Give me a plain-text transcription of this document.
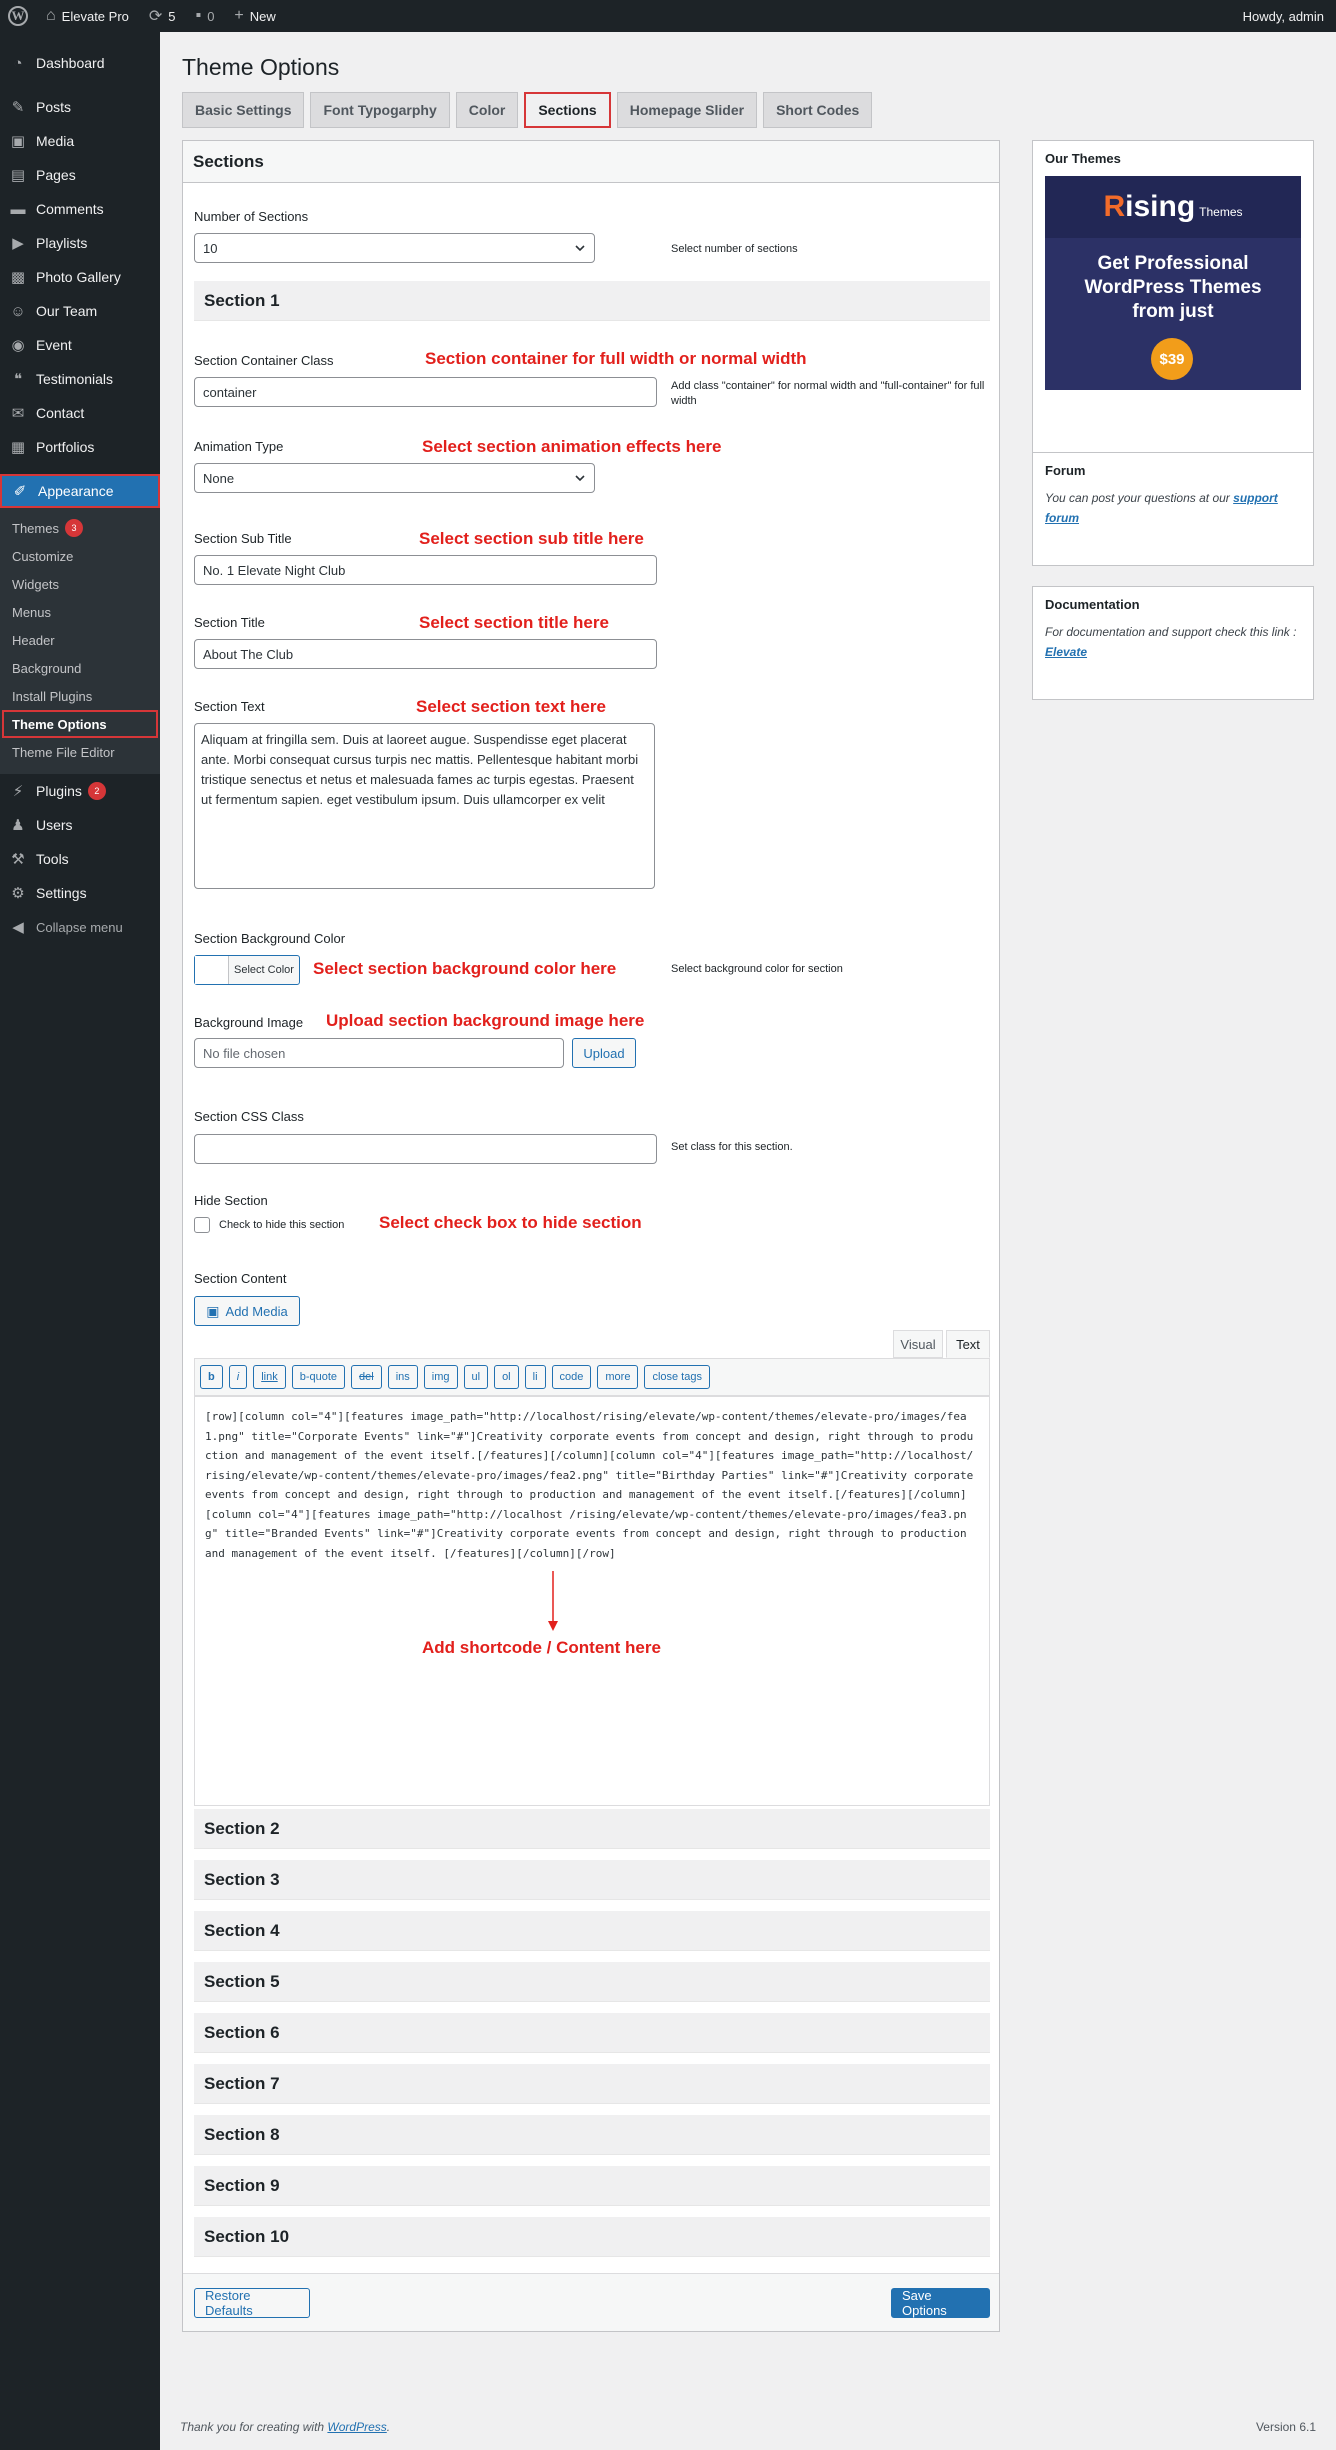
W ⌂ Elevate Pro ⟳ 5 ▪ 0 + New	Howdy, admin
◔ Dashboard
✎ Posts
▣ Media
▤ Pages
▬ Comments
▶ Playlists
▩ Photo Gallery
☺ Our Team
◉ Event
❝ Testimonials
✉ Contact
▦ Portfolios
✐ Appearance
Themes	3
Customize
Widgets
Menus
Header
Background
Install Plugins
Theme Options
Theme File Editor
⚡ Plugins	2
♟ Users
⚒ Tools
⚙ Settings
◀ Collapse menu
Theme Options
Basic Settings	Font Typogarphy	Color	Sections	Homepage Slider	Short Codes
Sections
Number of Sections
10	Select number of sections
Section 1
Section Container Class	Section container for full width or normal width
container	Add class "container" for normal width and "full-container" for full width
Animation Type	Select section animation effects here
None
Section Sub Title	Select section sub title here
No. 1 Elevate Night Club
Section Title	Select section title here
About The Club
Section Text	Select section text here
Aliquam at fringilla sem. Duis at laoreet augue. Suspendisse eget placerat ante. Morbi consequat cursus turpis nec mattis. Pellentesque habitant morbi tristique senectus et netus et malesuada fames ac turpis egestas. Praesent ut fermentum sapien. eget vestibulum ipsum. Duis ullamcorper ex velit
Section Background Color
Select Color Select section background color here	Select background color for section
Background Image Upload section background image here
No file chosen	Upload
Section CSS Class
Set class for this section.
Hide Section
Check to hide this section Select check box to hide section
Section Content
▣ Add Media
Visual	Text
b	i	link	b-quote	del	ins	img	ul	ol	li	code	more	close tags
[row][column col="4"][features image_path="http://localhost/rising/elevate/wp-content/themes/elevate-pro/images/fea1.png" title="Corporate Events" link="#"]Creativity corporate events from concept and design, right through to production and management of the event itself.[/features][/column][column col="4"][features image_path="http://localhost/rising/elevate/wp-content/themes/elevate-pro/images/fea2.png" title="Birthday Parties" link="#"]Creativity corporate events from concept and design, right through to production and management of the event itself.[/features][/column][column col="4"][features image_path="http://localhost /rising/elevate/wp-content/themes/elevate-pro/images/fea3.png" title="Branded Events" link="#"]Creativity corporate events from concept and design, right through to production and management of the event itself. [/features][/column][/row]
Add shortcode / Content here
Section 2
Section 3
Section 4
Section 5
Section 6
Section 7
Section 8
Section 9
Section 10
Restore Defaults
Save Options
Our Themes
Rising Themes
Get Professional WordPress Themes from just
$39
Forum
You can post your questions at our support forum
Documentation
For documentation and support check this link : Elevate
Thank you for creating with WordPress.	Version 6.1
